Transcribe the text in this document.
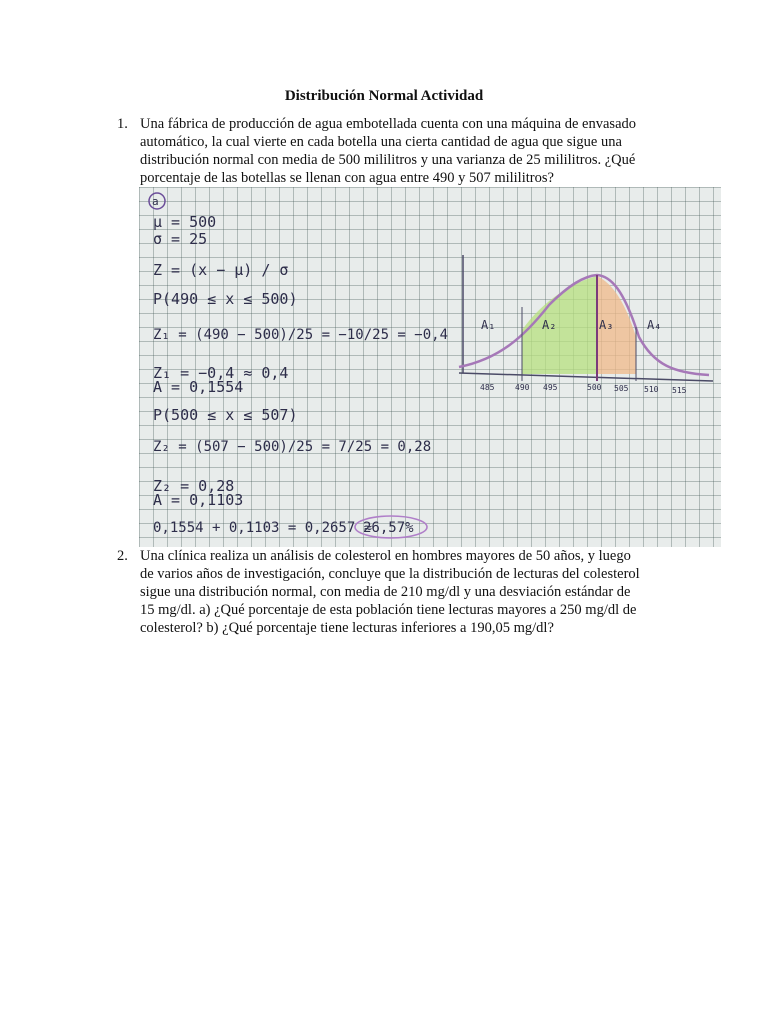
Distribución Normal Actividad
1. Una fábrica de producción de agua embotellada cuenta con una máquina de envasado
automático, la cual vierte en cada botella una cierta cantidad de agua que sigue una
distribución normal con media de 500 mililitros y una varianza de 25 mililitros. ¿Qué
porcentaje de las botellas se llenan con agua entre 490 y 507 mililitros?
a
μ = 500
σ = 25
Z = (x − μ) / σ
P(490 ≤ x ≤ 500)
Z₁ = (490 − 500)/25 = −10/25 = −0,4
Z₁ = −0,4 ≈ 0,4
A = 0,1554
P(500 ≤ x ≤ 507)
Z₂ = (507 − 500)/25 = 7/25 = 0,28
Z₂ = 0,28
A = 0,1103
0,1554 + 0,1103 = 0,2657 ≈
26,57%
A₁	A₂	A₃	A₄
485	490 495	500 505 510 515
2. Una clínica realiza un análisis de colesterol en hombres mayores de 50 años, y luego
de varios años de investigación, concluye que la distribución de lecturas del colesterol
sigue una distribución normal, con media de 210 mg/dl y una desviación estándar de
15 mg/dl. a) ¿Qué porcentaje de esta población tiene lecturas mayores a 250 mg/dl de
colesterol? b) ¿Qué porcentaje tiene lecturas inferiores a 190,05 mg/dl?
